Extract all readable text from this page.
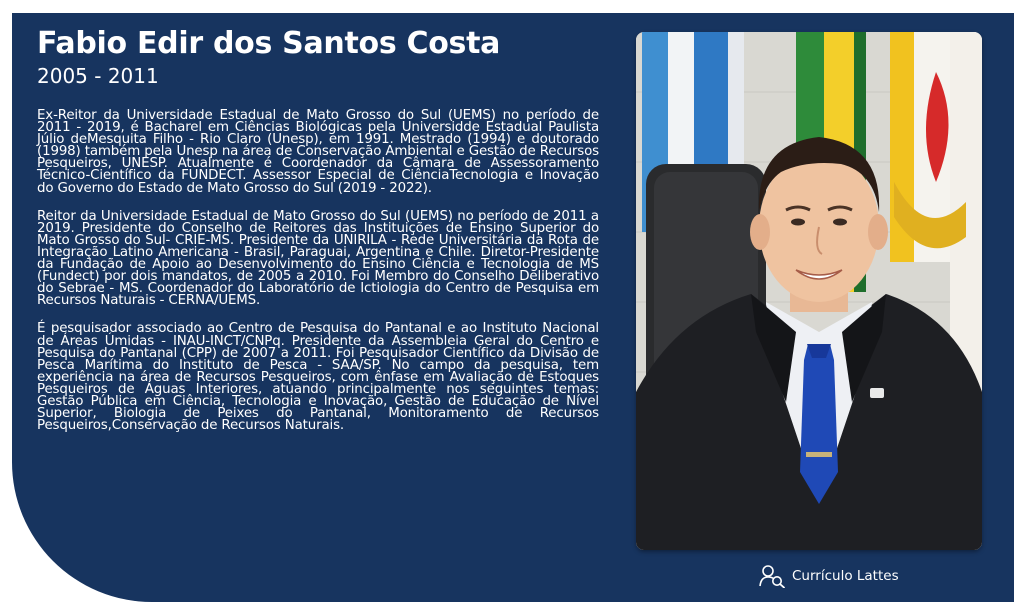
Fabio Edir dos Santos Costa
2005 - 2011

Ex-Reitor da Universidade Estadual de Mato Grosso do Sul (UEMS) no período de 2011 - 2019, é Bacharel em Ciências Biológicas pela Universidde Estadual Paulista Júlio deMesquita Filho - Rio Claro (Unesp), em 1991. Mestrado (1994) e doutorado (1998) também pela Unesp na área de Conservação Ambiental e Gestão de Recursos Pesqueiros, UNESP. Atualmente é Coordenador da Câmara de Assessoramento Técnico-Científico da FUNDECT. Assessor Especial de CiênciaTecnologia e Inovação do Governo do Estado de Mato Grosso do Sul (2019 - 2022).

Reitor da Universidade Estadual de Mato Grosso do Sul (UEMS) no período de 2011 a 2019. Presidente do Conselho de Reitores das Instituições de Ensino Superior do Mato Grosso do Sul- CRIE-MS. Presidente da UNIRILA - Rede Universitária da Rota de Integração Latino Americana - Brasil, Paraguai, Argentina e Chile. Diretor-Presidente da Fundação de Apoio ao Desenvolvimento do Ensino Ciência e Tecnologia de MS (Fundect) por dois mandatos, de 2005 a 2010. Foi Membro do Conselho Deliberativo do Sebrae - MS. Coordenador do Laboratório de Ictiologia do Centro de Pesquisa em Recursos Naturais - CERNA/UEMS.

É pesquisador associado ao Centro de Pesquisa do Pantanal e ao Instituto Nacional de Áreas Úmidas - INAU-INCT/CNPq. Presidente da Assembleia Geral do Centro e Pesquisa do Pantanal (CPP) de 2007 a 2011. Foi Pesquisador Científico da Divisão de Pesca Marítima do Instituto de Pesca - SAA/SP. No campo da pesquisa, tem experiência na área de Recursos Pesqueiros, com ênfase em Avaliação de Estoques Pesqueiros de Águas Interiores, atuando principalmente nos seguintes temas: Gestão Pública em Ciência, Tecnologia e Inovação, Gestão de Educação de Nível Superior, Biologia de Peixes do Pantanal, Monitoramento de Recursos Pesqueiros,Conservação de Recursos Naturais.

Currículo Lattes
